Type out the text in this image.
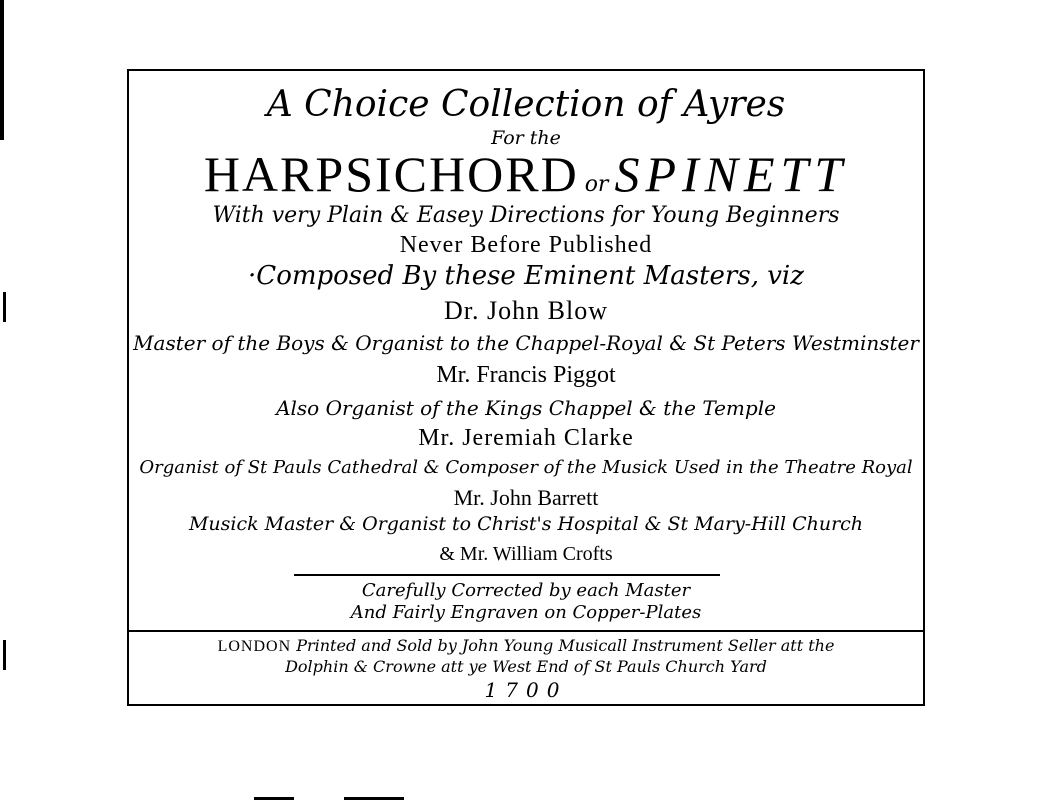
A Choice Collection of Ayres
For the
HARPSICHORD or SPINETT
With very Plain & Easey Directions for Young Beginners
Never Before Published
·Composed By these Eminent Masters, viz
Dr. John Blow
Master of the Boys & Organist to the Chappel-Royal & St Peters Westminster
Mr. Francis Piggot
Also Organist of the Kings Chappel & the Temple
Mr. Jeremiah Clarke
Organist of St Pauls Cathedral & Composer of the Musick Used in the Theatre Royal
Mr. John Barrett
Musick Master & Organist to Christ's Hospital & St Mary-Hill Church
& Mr. William Crofts
Carefully Corrected by each Master
And Fairly Engraven on Copper-Plates
LONDON Printed and Sold by John Young Musicall Instrument Seller att the
Dolphin & Crowne att ye West End of St Pauls Church Yard
1700
